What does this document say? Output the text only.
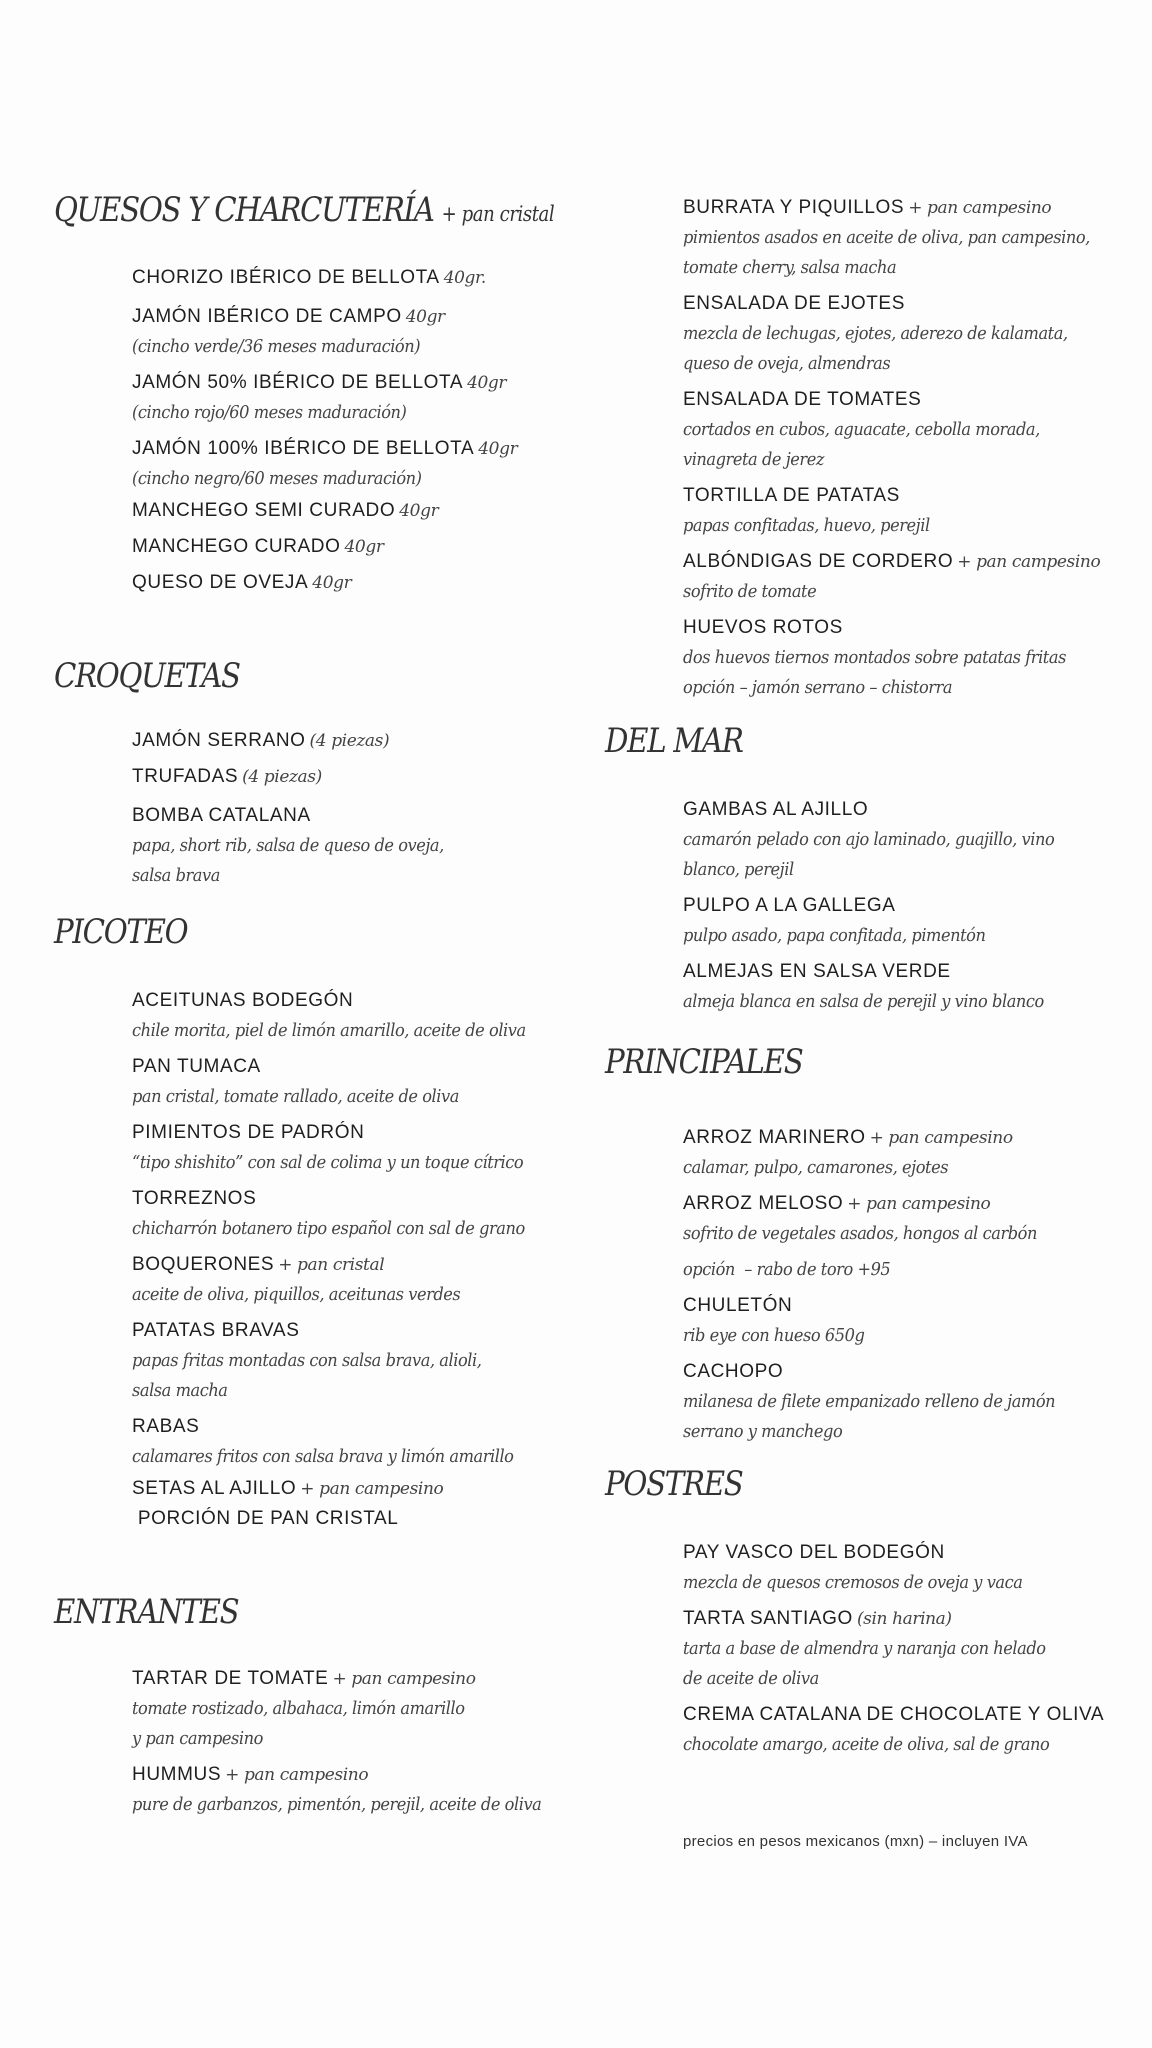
QUESOS Y CHARCUTERÍA + pan cristal
CHORIZO IBÉRICO DE BELLOTA 40gr.
JAMÓN IBÉRICO DE CAMPO 40gr
(cincho verde/36 meses maduración)
JAMÓN 50% IBÉRICO DE BELLOTA 40gr
(cincho rojo/60 meses maduración)
JAMÓN 100% IBÉRICO DE BELLOTA 40gr
(cincho negro/60 meses maduración)
MANCHEGO SEMI CURADO 40gr
MANCHEGO CURADO 40gr
QUESO DE OVEJA 40gr
CROQUETAS
JAMÓN SERRANO (4 piezas)
TRUFADAS (4 piezas)
BOMBA CATALANA
papa, short rib, salsa de queso de oveja,
salsa brava
PICOTEO
ACEITUNAS BODEGÓN
chile morita, piel de limón amarillo, aceite de oliva
PAN TUMACA
pan cristal, tomate rallado, aceite de oliva
PIMIENTOS DE PADRÓN
“tipo shishito” con sal de colima y un toque cítrico
TORREZNOS
chicharrón botanero tipo español con sal de grano
BOQUERONES + pan cristal
aceite de oliva, piquillos, aceitunas verdes
PATATAS BRAVAS
papas fritas montadas con salsa brava, alioli,
salsa macha
RABAS
calamares fritos con salsa brava y limón amarillo
SETAS AL AJILLO + pan campesino
PORCIÓN DE PAN CRISTAL
ENTRANTES
TARTAR DE TOMATE + pan campesino
tomate rostizado, albahaca, limón amarillo
y pan campesino
HUMMUS + pan campesino
pure de garbanzos, pimentón, perejil, aceite de oliva
BURRATA Y PIQUILLOS + pan campesino
pimientos asados en aceite de oliva, pan campesino,
tomate cherry, salsa macha
ENSALADA DE EJOTES
mezcla de lechugas, ejotes, aderezo de kalamata,
queso de oveja, almendras
ENSALADA DE TOMATES
cortados en cubos, aguacate, cebolla morada,
vinagreta de jerez
TORTILLA DE PATATAS
papas confitadas, huevo, perejil
ALBÓNDIGAS DE CORDERO + pan campesino
sofrito de tomate
HUEVOS ROTOS
dos huevos tiernos montados sobre patatas fritas
opción – jamón serrano – chistorra
DEL MAR
GAMBAS AL AJILLO
camarón pelado con ajo laminado, guajillo, vino
blanco, perejil
PULPO A LA GALLEGA
pulpo asado, papa confitada, pimentón
ALMEJAS EN SALSA VERDE
almeja blanca en salsa de perejil y vino blanco
PRINCIPALES
ARROZ MARINERO + pan campesino
calamar, pulpo, camarones, ejotes
ARROZ MELOSO + pan campesino
sofrito de vegetales asados, hongos al carbón
opción  – rabo de toro +95
CHULETÓN
rib eye con hueso 650g
CACHOPO
milanesa de filete empanizado relleno de jamón
serrano y manchego
POSTRES
PAY VASCO DEL BODEGÓN
mezcla de quesos cremosos de oveja y vaca
TARTA SANTIAGO (sin harina)
tarta a base de almendra y naranja con helado
de aceite de oliva
CREMA CATALANA DE CHOCOLATE Y OLIVA
chocolate amargo, aceite de oliva, sal de grano
precios en pesos mexicanos (mxn) – incluyen IVA
